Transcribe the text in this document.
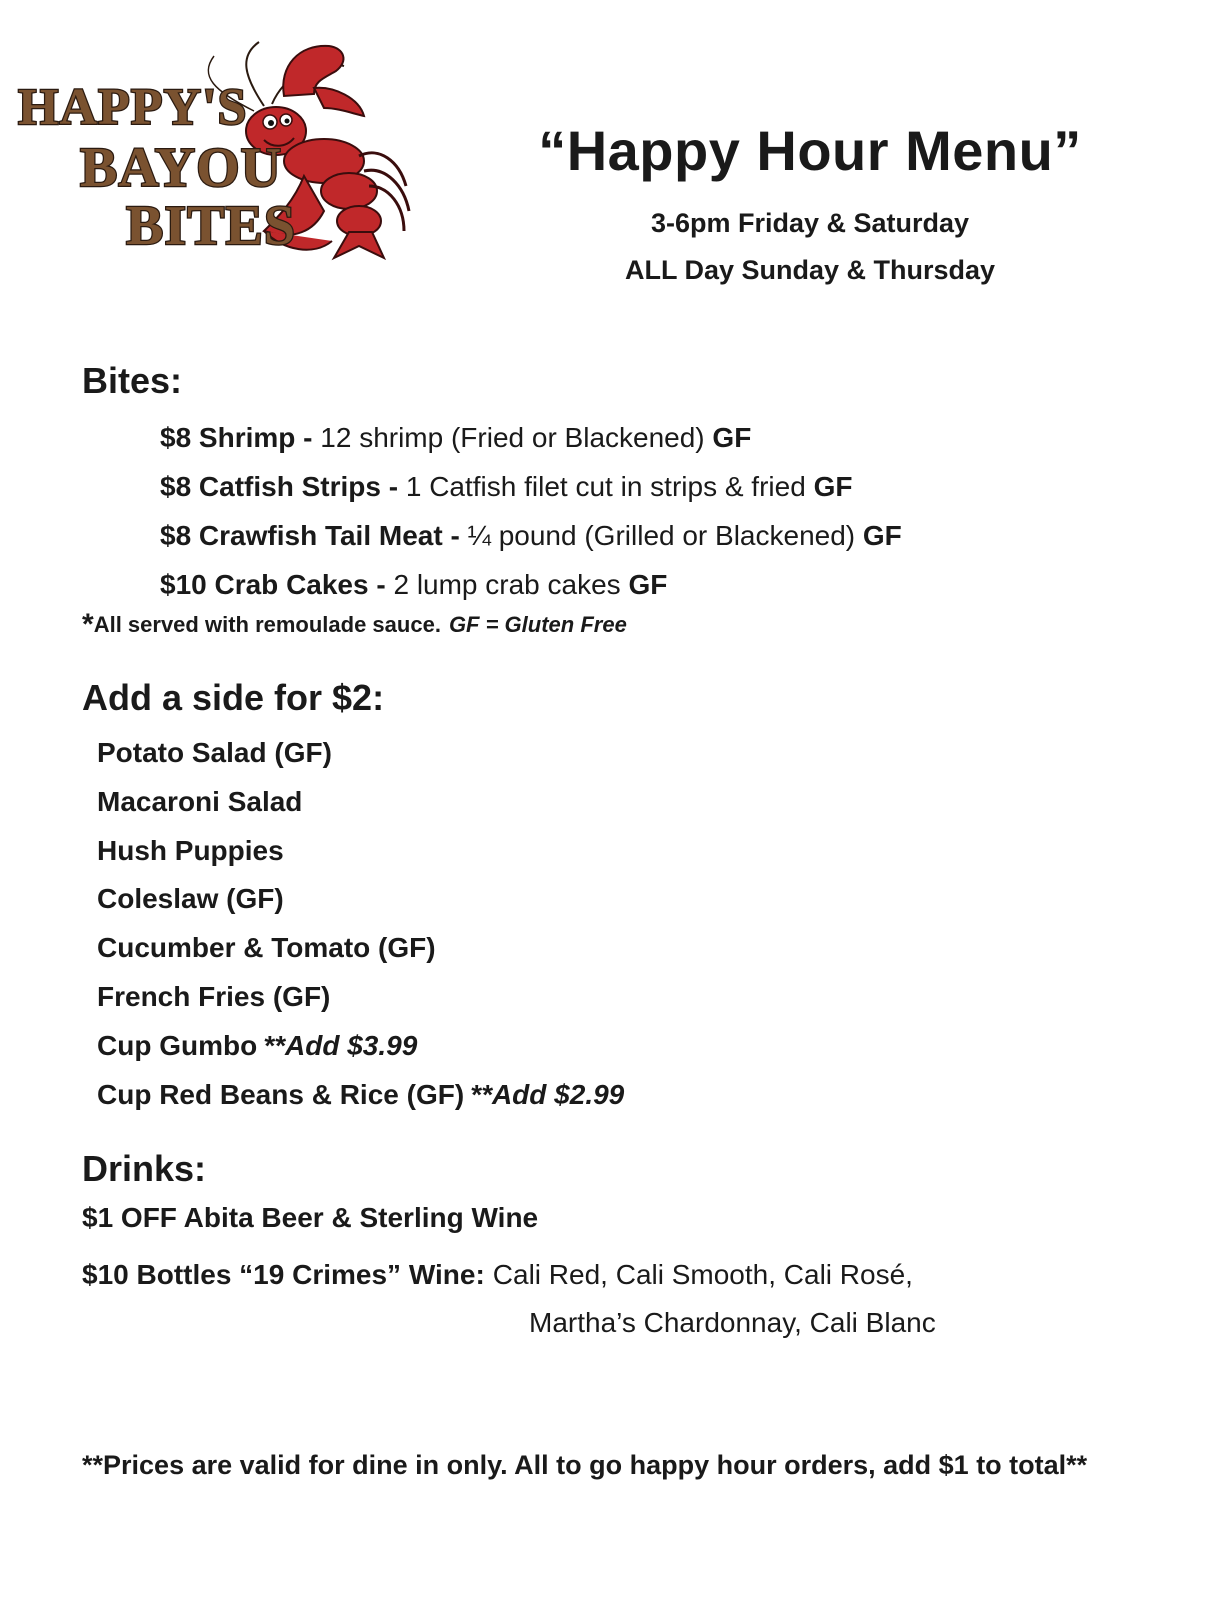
HAPPY'S
BAYOU
BITES
“Happy Hour Menu”
3-6pm Friday & Saturday
ALL Day Sunday & Thursday
Bites:
$8 Shrimp - 12 shrimp (Fried or Blackened) GF
$8 Catfish Strips - 1 Catfish filet cut in strips & fried GF
$8 Crawfish Tail Meat - ¼ pound (Grilled or Blackened) GF
$10 Crab Cakes - 2 lump crab cakes GF
*All served with remoulade sauce. GF = Gluten Free
Add a side for $2:
Potato Salad (GF)
Macaroni Salad
Hush Puppies
Coleslaw (GF)
Cucumber & Tomato (GF)
French Fries (GF)
Cup Gumbo **Add $3.99
Cup Red Beans & Rice (GF) **Add $2.99
Drinks:
$1 OFF Abita Beer & Sterling Wine
$10 Bottles “19 Crimes” Wine: Cali Red, Cali Smooth, Cali Rosé,
Martha’s Chardonnay, Cali Blanc
**Prices are valid for dine in only. All to go happy hour orders, add $1 to total**
